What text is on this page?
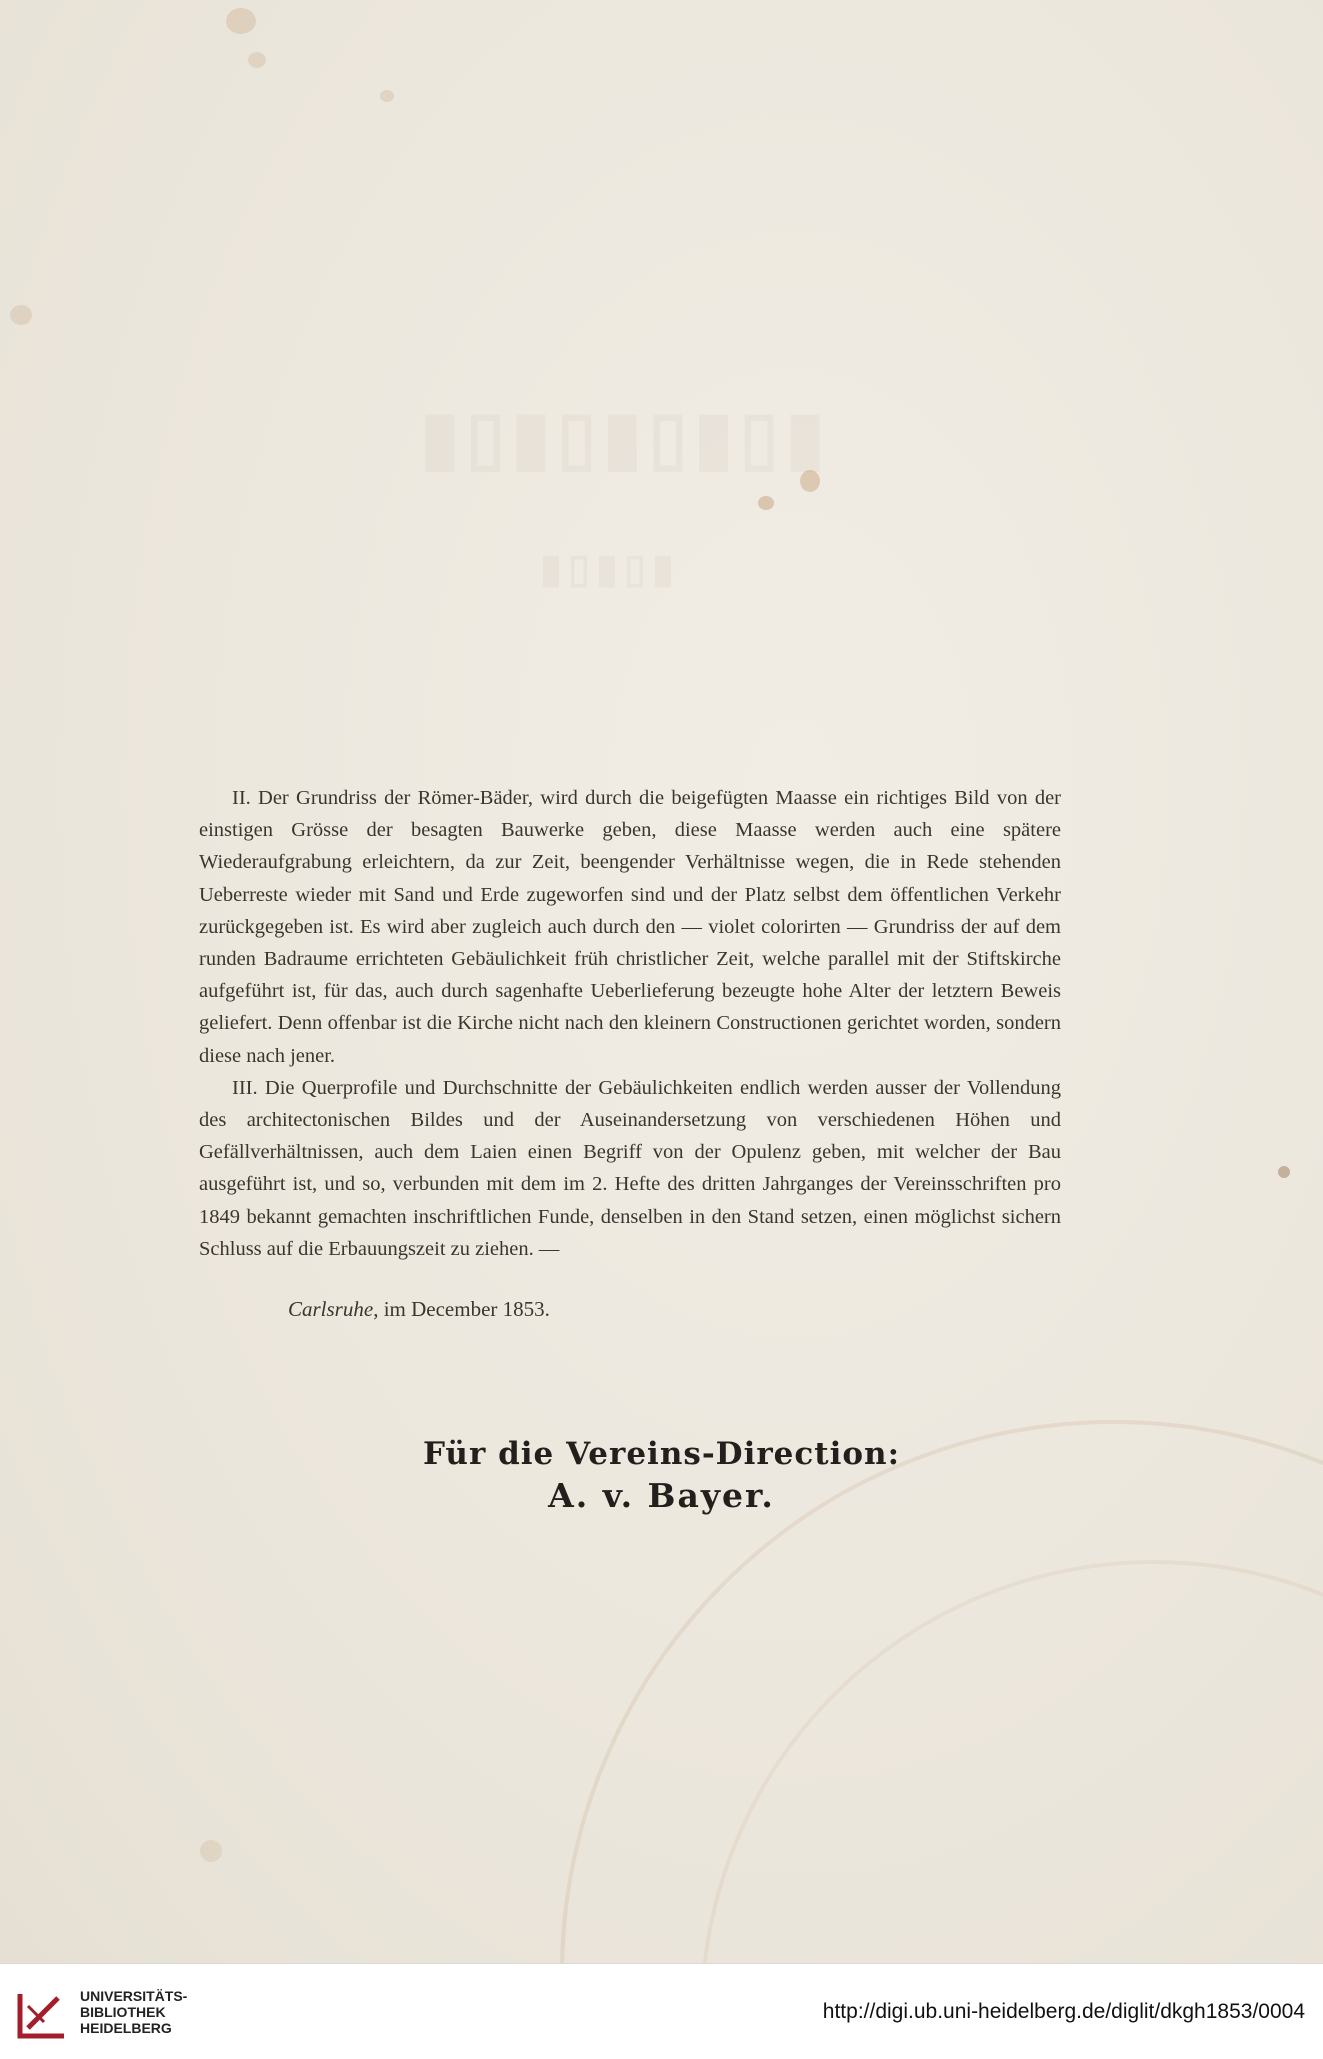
▮▯▮▯▮▯▮▯▮
▮▯▮▯▮

II. Der Grundriss der Römer-Bäder, wird durch die beigefügten Maasse ein richtiges Bild von der einstigen Grösse der besagten Bauwerke geben, diese Maasse werden auch eine spätere Wiederaufgrabung erleichtern, da zur Zeit, beengender Verhältnisse wegen, die in Rede stehenden Ueberreste wieder mit Sand und Erde zugeworfen sind und der Platz selbst dem öffentlichen Verkehr zurückgegeben ist. Es wird aber zugleich auch durch den — violet colorirten — Grundriss der auf dem runden Badraume errichteten Gebäulichkeit früh christlicher Zeit, welche parallel mit der Stiftskirche aufgeführt ist, für das, auch durch sagenhafte Ueberlieferung bezeugte hohe Alter der letztern Beweis geliefert. Denn offenbar ist die Kirche nicht nach den kleinern Constructionen gerichtet worden, sondern diese nach jener.

III. Die Querprofile und Durchschnitte der Gebäulichkeiten endlich werden ausser der Vollendung des architectonischen Bildes und der Auseinandersetzung von verschiedenen Höhen und Gefällverhältnissen, auch dem Laien einen Begriff von der Opulenz geben, mit welcher der Bau ausgeführt ist, und so, verbunden mit dem im 2. Hefte des dritten Jahrganges der Vereinsschriften pro 1849 bekannt gemachten inschriftlichen Funde, denselben in den Stand setzen, einen möglichst sichern Schluss auf die Erbauungszeit zu ziehen. —

Carlsruhe, im December 1853.
Für die Vereins-Direction:
A. v. Bayer.
UNIVERSITÄTS-
BIBLIOTHEK
HEIDELBERG
http://digi.ub.uni-heidelberg.de/diglit/dkgh1853/0004
